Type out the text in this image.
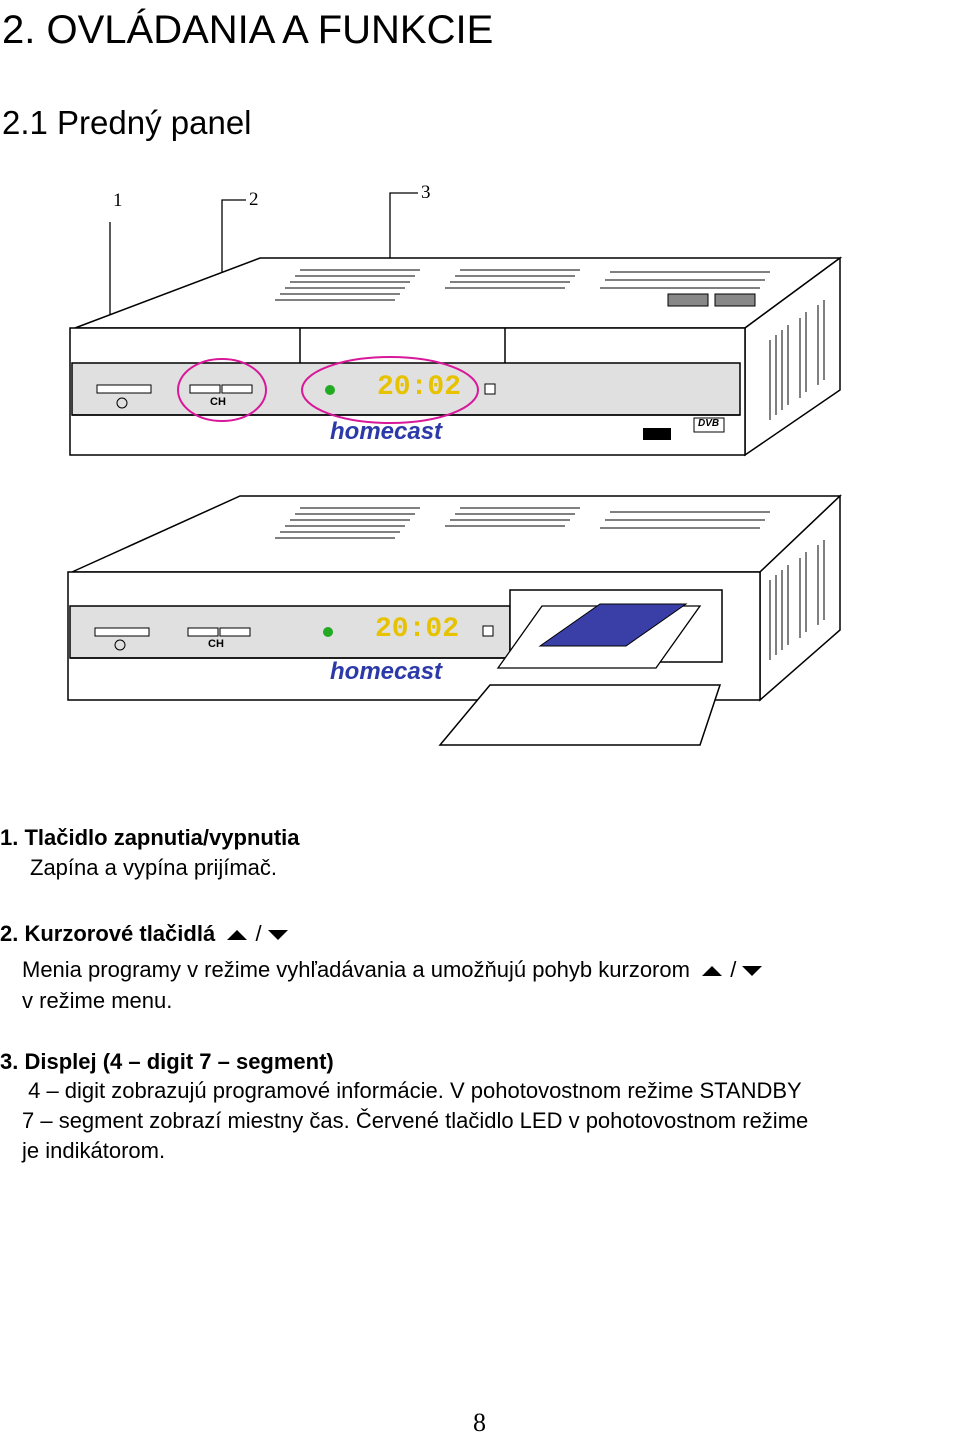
2. OVLÁDANIA A FUNKCIE
2.1 Predný panel
1	2	3
20:02
20:02
homecast
homecast
CH
CH
DVB
1. Tlačidlo zapnutia/vypnutia
Zapína a vypína prijímač.
2. Kurzorové tlačidlá /
Menia programy v režime vyhľadávania a umožňujú pohyb kurzorom /
v režime menu.
3. Displej (4 – digit 7 – segment)
4 – digit zobrazujú programové informácie. V pohotovostnom režime STANDBY
7 – segment zobrazí miestny čas. Červené tlačidlo LED v pohotovostnom režime
je indikátorom.
8
